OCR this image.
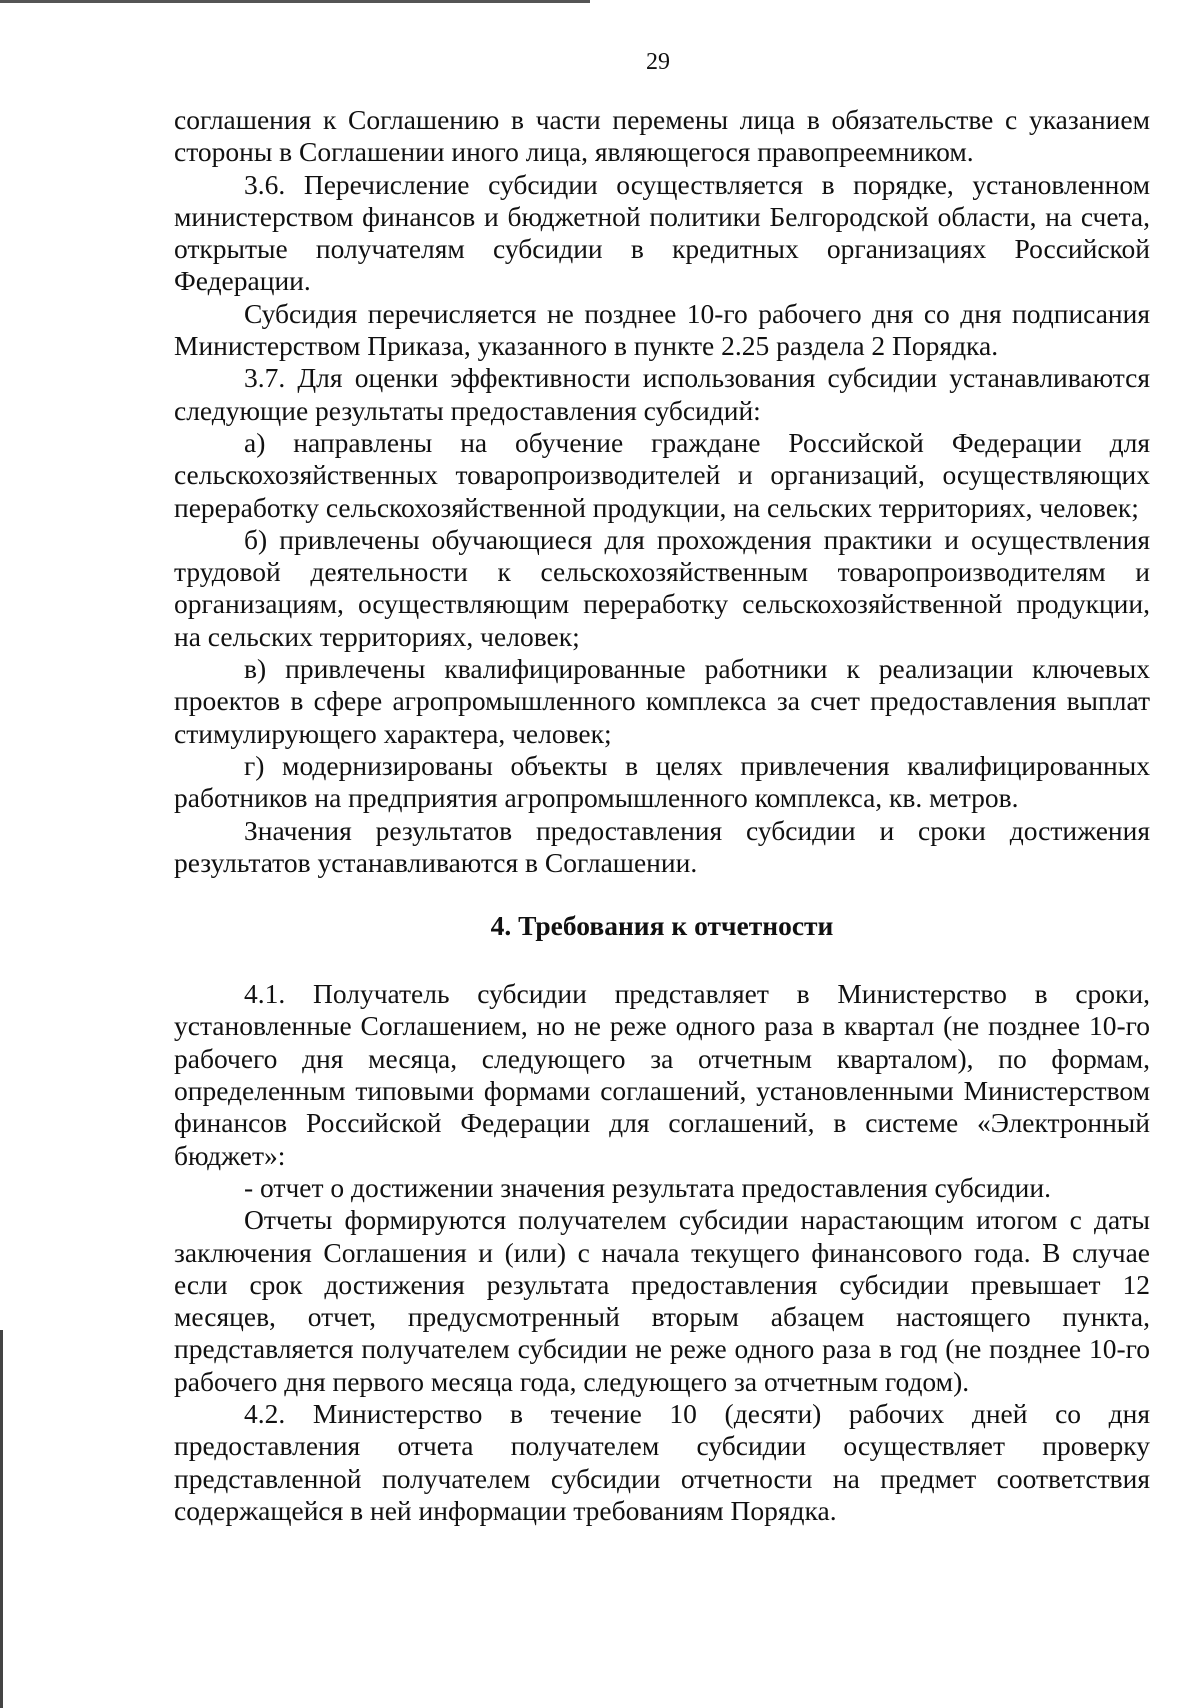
29

соглашения к Соглашению в части перемены лица в обязательстве с указанием стороны в Соглашении иного лица, являющегося правопреемником.

3.6. Перечисление субсидии осуществляется в порядке, установленном министерством финансов и бюджетной политики Белгородской области, на счета, открытые получателям субсидии в кредитных организациях Российской Федерации.

Субсидия перечисляется не позднее 10-го рабочего дня со дня подписания Министерством Приказа, указанного в пункте 2.25 раздела 2 Порядка.

3.7. Для оценки эффективности использования субсидии устанавливаются следующие результаты предоставления субсидий:

а) направлены на обучение граждане Российской Федерации для сельскохозяйственных товаропроизводителей и организаций, осуществляющих переработку сельскохозяйственной продукции, на сельских территориях, человек;

б) привлечены обучающиеся для прохождения практики и осуществления трудовой деятельности к сельскохозяйственным товаропроизводителям и организациям, осуществляющим переработку сельскохозяйственной продукции, на сельских территориях, человек;

в) привлечены квалифицированные работники к реализации ключевых проектов в сфере агропромышленного комплекса за счет предоставления выплат стимулирующего характера, человек;

г) модернизированы объекты в целях привлечения квалифицированных работников на предприятия агропромышленного комплекса, кв. метров.

Значения результатов предоставления субсидии и сроки достижения результатов устанавливаются в Соглашении.

4. Требования к отчетности

4.1. Получатель субсидии представляет в Министерство в сроки, установленные Соглашением, но не реже одного раза в квартал (не позднее 10-го рабочего дня месяца, следующего за отчетным кварталом), по формам, определенным типовыми формами соглашений, установленными Министерством финансов Российской Федерации для соглашений, в системе «Электронный бюджет»:

- отчет о достижении значения результата предоставления субсидии.

Отчеты формируются получателем субсидии нарастающим итогом с даты заключения Соглашения и (или) с начала текущего финансового года. В случае если срок достижения результата предоставления субсидии превышает 12 месяцев, отчет, предусмотренный вторым абзацем настоящего пункта, представляется получателем субсидии не реже одного раза в год (не позднее 10-го рабочего дня первого месяца года, следующего за отчетным годом).

4.2. Министерство в течение 10 (десяти) рабочих дней со дня предоставления отчета получателем субсидии осуществляет проверку представленной получателем субсидии отчетности на предмет соответствия содержащейся в ней информации требованиям Порядка.
